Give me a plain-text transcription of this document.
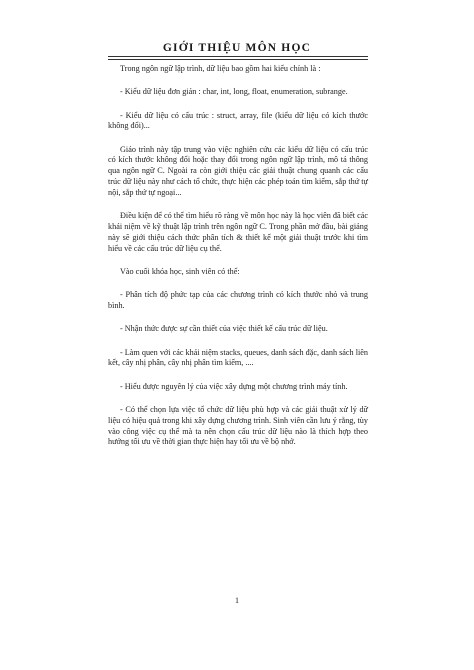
GIỚI THIỆU MÔN HỌC

Trong ngôn ngữ lập trình, dữ liệu bao gồm hai kiểu chính là :

- Kiểu dữ liệu đơn giản : char, int, long, float, enumeration, subrange.

- Kiểu dữ liệu có cấu trúc : struct, array, file (kiểu dữ liệu có kích thước không đổi)...

Giáo trình này tập trung vào việc nghiên cứu các kiểu dữ liệu có cấu trúc có kích thước không đổi hoặc thay đổi trong ngôn ngữ lập trình, mô tả thông qua ngôn ngữ C. Ngoài ra còn giới thiệu các giải thuật chung quanh các cấu trúc dữ liệu này như cách tổ chức, thực hiện các phép toán tìm kiếm, sắp thứ tự nội, sắp thứ tự ngoại...

Điều kiện để có thể tìm hiểu rõ ràng về môn học này là học viên đã biết các khái niệm về kỹ thuật lập trình trên ngôn ngữ C. Trong phần mở đầu, bài giảng này sẽ giới thiệu cách thức phân tích & thiết kế một giải thuật trước khi tìm hiểu về các cấu trúc dữ liệu cụ thể.

Vào cuối khóa học, sinh viên có thể:

- Phân tích độ phức tạp của các chương trình có kích thước nhỏ và trung bình.

- Nhận thức được sự cần thiết của việc thiết kế cấu trúc dữ liệu.

- Làm quen với các khái niệm stacks, queues, danh sách đặc, danh sách liên kết, cây nhị phân, cây nhị phân tìm kiếm, ....

- Hiểu được nguyên lý của việc xây dựng một chương trình máy tính.

- Có thể chọn lựa việc tổ chức dữ liệu phù hợp và các giải thuật xử lý dữ liệu có hiệu quả trong khi xây dựng chương trình. Sinh viên cần lưu ý rằng, tùy vào công việc cụ thể mà ta nên chọn cấu trúc dữ liệu nào là thích hợp theo hướng tối ưu về thời gian thực hiện hay tối ưu về bộ nhớ.

1
